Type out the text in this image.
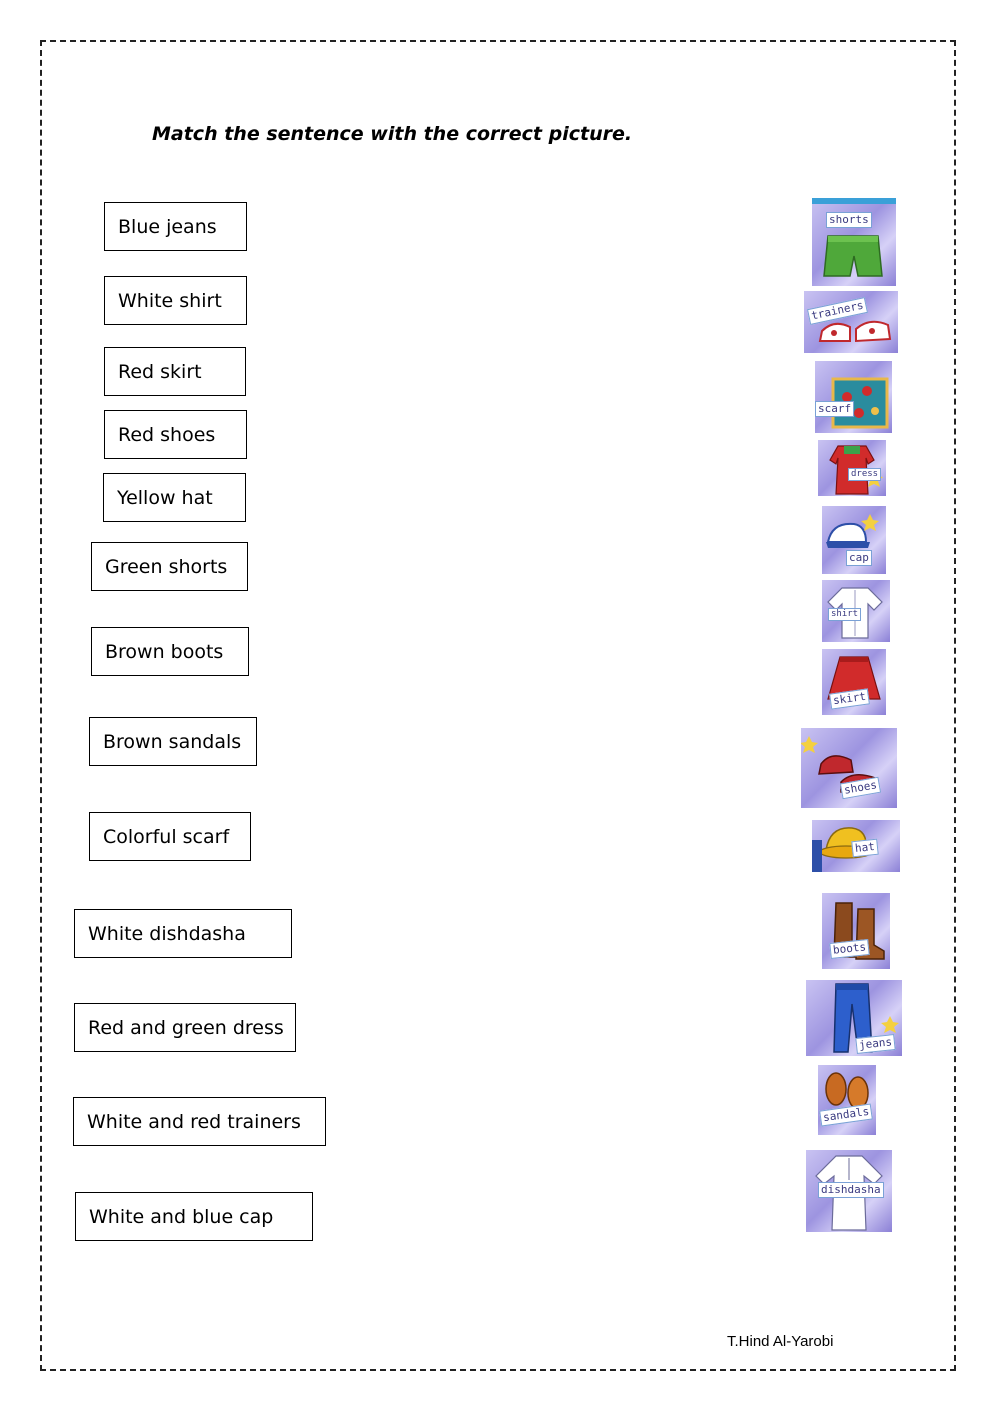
Match the sentence with the correct picture.
Blue jeans
White shirt
Red skirt
Red shoes
Yellow hat
Green shorts
Brown boots
Brown sandals
Colorful scarf
White dishdasha
Red and green dress
White and red trainers
White and blue cap
shorts
trainers
scarf
dress
cap
shirt
skirt
shoes
hat
boots
jeans
sandals
dishdasha
T.Hind Al-Yarobi
